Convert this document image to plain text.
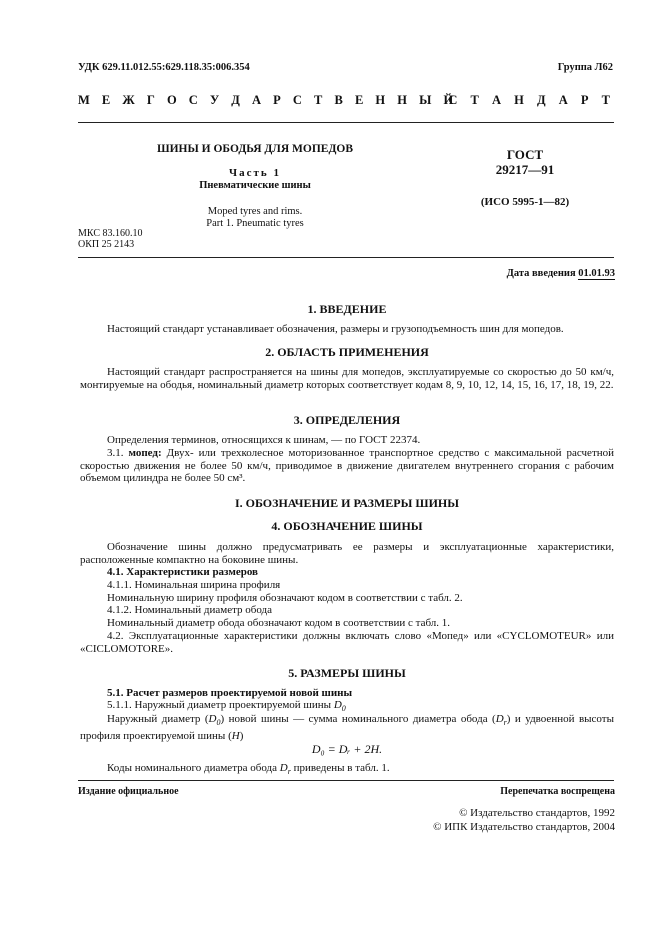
УДК 629.11.012.55:629.118.35:006.354	Группа Л62
М Е Ж Г О С У Д А Р С Т В Е Н Н Ы Й
С Т А Н Д А Р Т
ШИНЫ И ОБОДЬЯ ДЛЯ МОПЕДОВ
Часть 1
Пневматические шины
Moped tyres and rims.
Part 1. Pneumatic tyres
МКС 83.160.10
ОКП 25 2143
ГОСТ
29217—91
(ИСО 5995-1—82)
Дата введения 01.01.93
1. ВВЕДЕНИЕ
Настоящий стандарт устанавливает обозначения, размеры и грузоподъемность шин для мопедов.
2. ОБЛАСТЬ ПРИМЕНЕНИЯ
Настоящий стандарт распространяется на шины для мопедов, эксплуатируемые со скоростью до 50 км/ч, монтируемые на ободья, номинальный диаметр которых соответствует кодам 8, 9, 10, 12, 14, 15, 16, 17, 18, 19, 22.
3. ОПРЕДЕЛЕНИЯ
Определения терминов, относящихся к шинам, — по ГОСТ 22374.
3.1. мопед: Двух- или трехколесное моторизованное транспортное средство с максимальной расчетной скоростью движения не более 50 км/ч, приводимое в движение двигателем внутреннего сгорания с рабочим объемом цилиндра не более 50 см³.
I. ОБОЗНАЧЕНИЕ И РАЗМЕРЫ ШИНЫ
4. ОБОЗНАЧЕНИЕ ШИНЫ
Обозначение шины должно предусматривать ее размеры и эксплуатационные характеристики, расположенные компактно на боковине шины.
4.1. Характеристики размеров
4.1.1. Номинальная ширина профиля
Номинальную ширину профиля обозначают кодом в соответствии с табл. 2.
4.1.2. Номинальный диаметр обода
Номинальный диаметр обода обозначают кодом в соответствии с табл. 1.
4.2. Эксплуатационные характеристики должны включать слово «Мопед» или «CYCLOMOTEUR» или «CICLOMOTORE».
5. РАЗМЕРЫ ШИНЫ
5.1. Расчет размеров проектируемой новой шины
5.1.1. Наружный диаметр проектируемой шины $D_0$
Наружный диаметр $(D_0)$ новой шины — сумма номинального диаметра обода $(D_r)$ и удвоенной высоты профиля проектируемой шины (H)
D₀ = Dᵣ + 2H.
Коды номинального диаметра обода $D_r$ приведены в табл. 1.
Издание официальное	Перепечатка воспрещена
© Издательство стандартов, 1992
© ИПК Издательство стандартов, 2004
